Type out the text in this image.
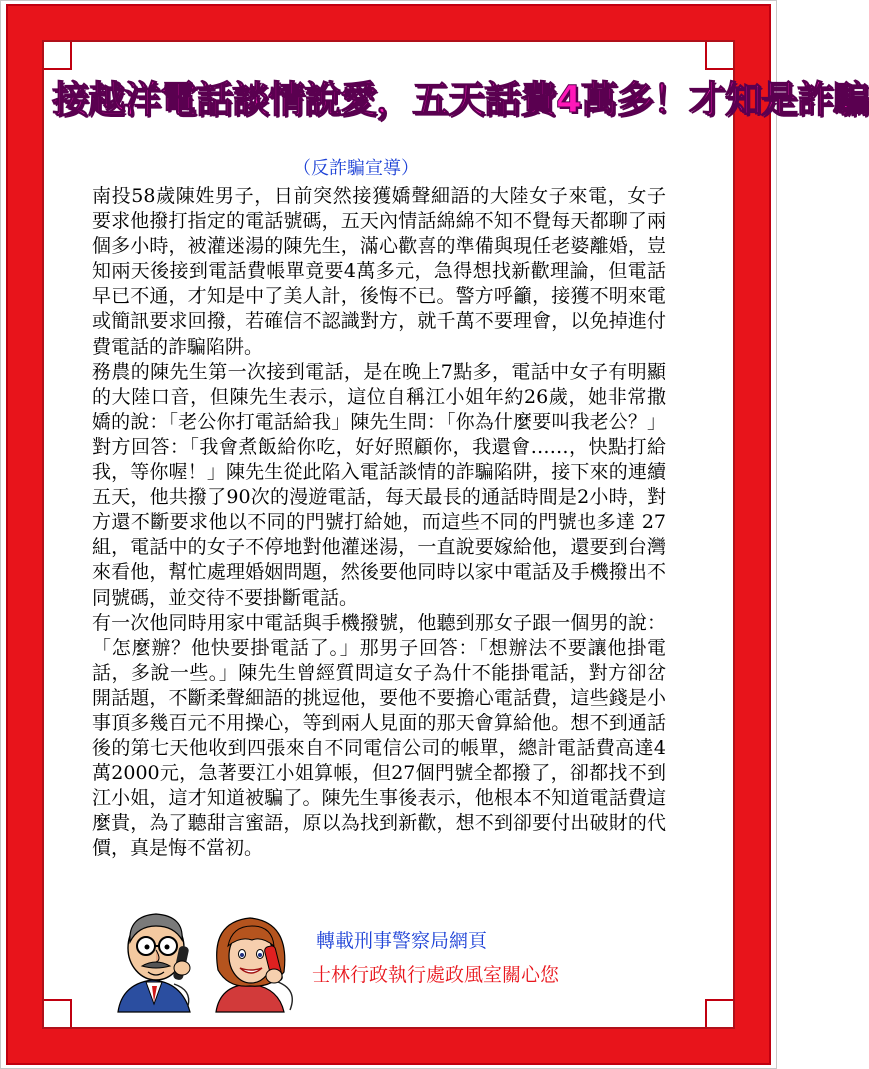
接越洋電話談情說愛，五天話費4萬多！才知是詐騙
（反詐騙宣導）

南投58歲陳姓男子，日前突然接獲嬌聲細語的大陸女子來電，女子要求他撥打指定的電話號碼，五天內情話綿綿不知不覺每天都聊了兩個多小時，被灌迷湯的陳先生，滿心歡喜的準備與現任老婆離婚，豈知兩天後接到電話費帳單竟要4萬多元，急得想找新歡理論，但電話早已不通，才知是中了美人計，後悔不已。警方呼籲，接獲不明來電或簡訊要求回撥，若確信不認識對方，就千萬不要理會，以免掉進付費電話的詐騙陷阱。

務農的陳先生第一次接到電話，是在晚上7點多，電話中女子有明顯的大陸口音，但陳先生表示，這位自稱江小姐年約26歲，她非常撒嬌的說：「老公你打電話給我」陳先生問：「你為什麼要叫我老公？」對方回答：「我會煮飯給你吃，好好照顧你，我還會……，快點打給我，等你喔！」陳先生從此陷入電話談情的詐騙陷阱，接下來的連續五天，他共撥了90次的漫遊電話，每天最長的通話時間是2小時，對方還不斷要求他以不同的門號打給她，而這些不同的門號也多達 27組，電話中的女子不停地對他灌迷湯，一直說要嫁給他，還要到台灣來看他，幫忙處理婚姻問題，然後要他同時以家中電話及手機撥出不同號碼，並交待不要掛斷電話。

有一次他同時用家中電話與手機撥號，他聽到那女子跟一個男的說：「怎麼辦？他快要掛電話了。」那男子回答：「想辦法不要讓他掛電話，多說一些。」陳先生曾經質問這女子為什不能掛電話，對方卻岔開話題，不斷柔聲細語的挑逗他，要他不要擔心電話費，這些錢是小事頂多幾百元不用操心，等到兩人見面的那天會算給他。想不到通話後的第七天他收到四張來自不同電信公司的帳單，總計電話費高達4萬2000元，急著要江小姐算帳，但27個門號全都撥了，卻都找不到江小姐，這才知道被騙了。陳先生事後表示，他根本不知道電話費這麼貴，為了聽甜言蜜語，原以為找到新歡，想不到卻要付出破財的代價，真是悔不當初。

轉載刑事警察局網頁
士林行政執行處政風室關心您
